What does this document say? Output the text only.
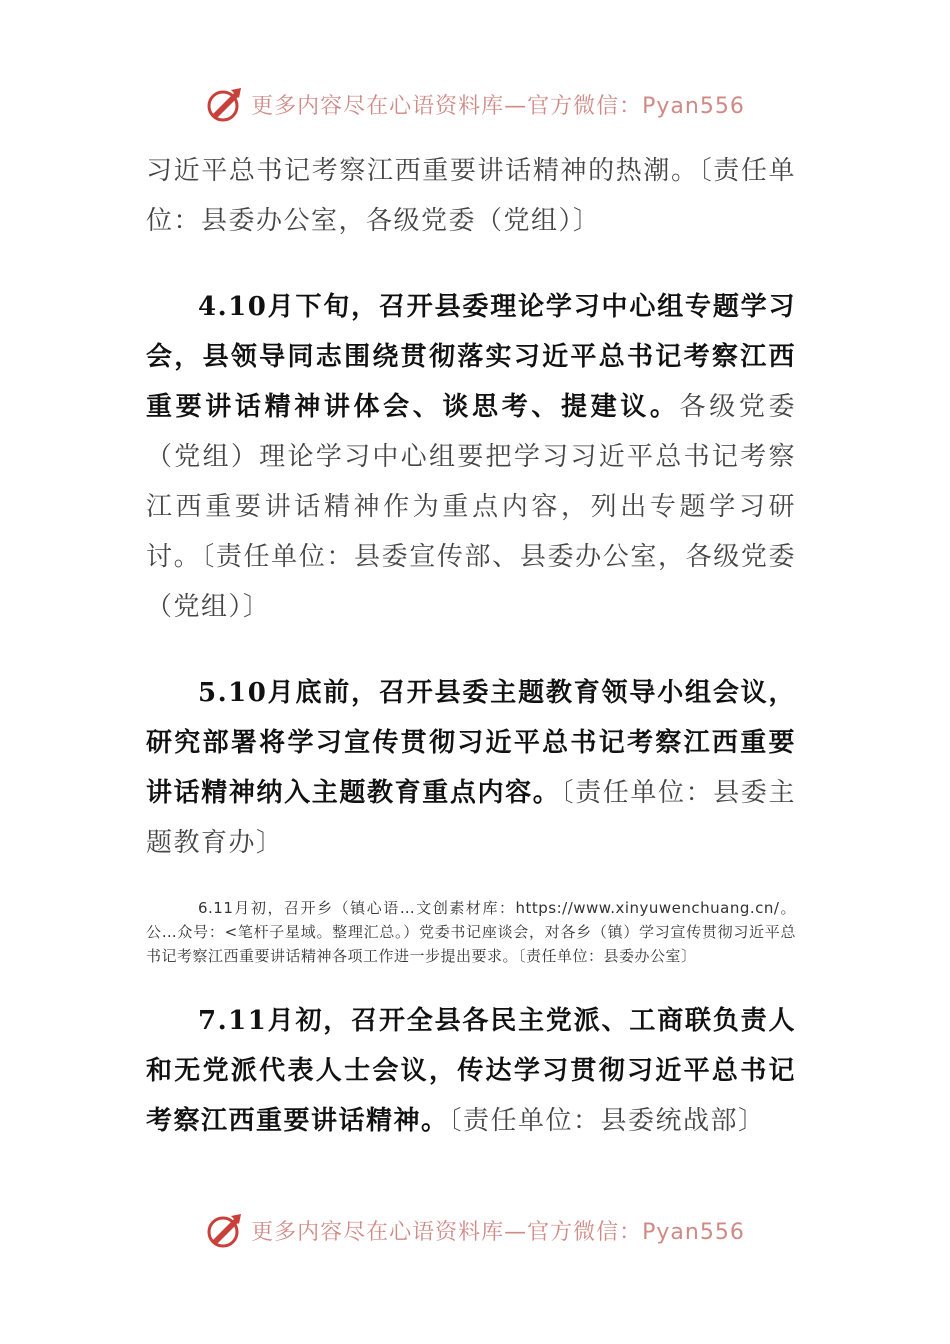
更多内容尽在心语资料库—官方微信：Pyan556

习近平总书记考察江西重要讲话精神的热潮。〔责任单位：县委办公室，各级党委（党组）〕

4.10月下旬，召开县委理论学习中心组专题学习会，县领导同志围绕贯彻落实习近平总书记考察江西重要讲话精神讲体会、谈思考、提建议。各级党委（党组）理论学习中心组要把学习习近平总书记考察江西重要讲话精神作为重点内容，列出专题学习研讨。〔责任单位：县委宣传部、县委办公室，各级党委（党组）〕

5.10月底前，召开县委主题教育领导小组会议，研究部署将学习宣传贯彻习近平总书记考察江西重要讲话精神纳入主题教育重点内容。〔责任单位：县委主题教育办〕

6.11月初，召开乡（镇心语…文创素材库：https://www.xinyuwenchuang.cn/。公…众号：<笔杆子星域。整理汇总。）党委书记座谈会，对各乡（镇）学习宣传贯彻习近平总书记考察江西重要讲话精神各项工作进一步提出要求。〔责任单位：县委办公室〕

7.11月初，召开全县各民主党派、工商联负责人和无党派代表人士会议，传达学习贯彻习近平总书记考察江西重要讲话精神。〔责任单位：县委统战部〕

更多内容尽在心语资料库—官方微信：Pyan556
